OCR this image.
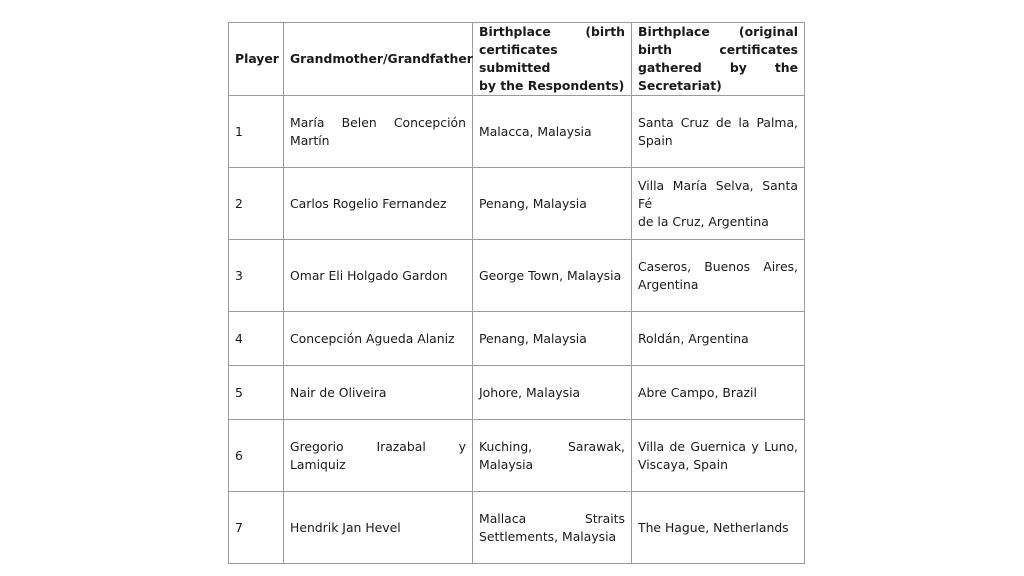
Player	Grandmother/Grandfather	Birthplace (birth
certificates submitted
by the Respondents)	Birthplace (original
birth certificates
gathered by the
Secretariat)

1	María Belen Concepción
Martín	Malacca, Malaysia	Santa Cruz de la Palma,
Spain

2	Carlos Rogelio Fernandez	Penang, Malaysia	Villa María Selva, Santa Fé
de la Cruz, Argentina

3	Omar Eli Holgado Gardon	George Town, Malaysia	Caseros, Buenos Aires,
Argentina

4	Concepción Agueda Alaniz	Penang, Malaysia	Roldán, Argentina
5	Nair de Oliveira	Johore, Malaysia	Abre Campo, Brazil
6	Gregorio Irazabal y Lamiquiz	Kuching, Sarawak,
Malaysia	Villa de Guernica y Luno,
Viscaya, Spain

7	Hendrik Jan Hevel	Mallaca Straits
Settlements, Malaysia	The Hague, Netherlands
